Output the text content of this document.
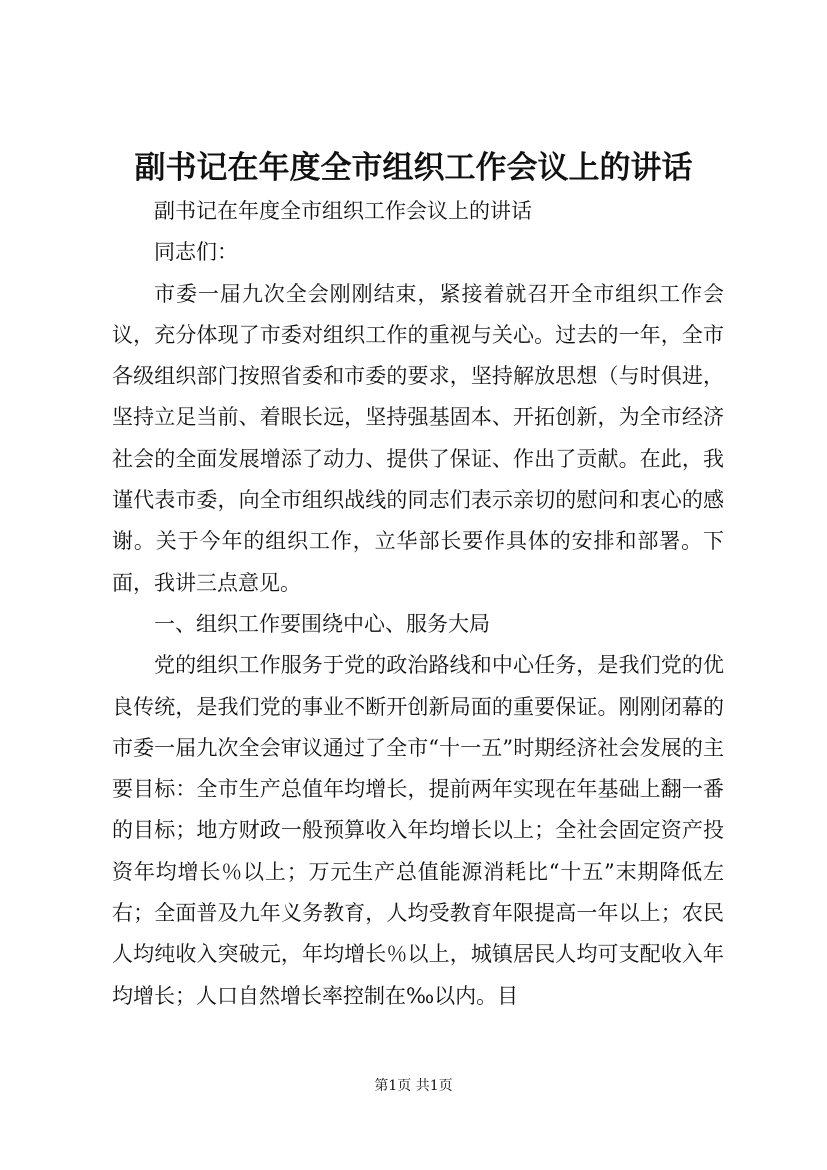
副书记在年度全市组织工作会议上的讲话

副书记在年度全市组织工作会议上的讲话

同志们：

市委一届九次全会刚刚结束，紧接着就召开全市组织工作会议，充分体现了市委对组织工作的重视与关心。过去的一年，全市各级组织部门按照省委和市委的要求，坚持解放思想（与时俱进，坚持立足当前、着眼长远，坚持强基固本、开拓创新，为全市经济社会的全面发展增添了动力、提供了保证、作出了贡献。在此，我谨代表市委，向全市组织战线的同志们表示亲切的慰问和衷心的感谢。关于今年的组织工作，立华部长要作具体的安排和部署。下面，我讲三点意见。

一、组织工作要围绕中心、服务大局

党的组织工作服务于党的政治路线和中心任务，是我们党的优良传统，是我们党的事业不断开创新局面的重要保证。刚刚闭幕的市委一届九次全会审议通过了全市“十一五”时期经济社会发展的主要目标：全市生产总值年均增长，提前两年实现在年基础上翻一番的目标；地方财政一般预算收入年均增长以上；全社会固定资产投资年均增长％以上；万元生产总值能源消耗比“十五”末期降低左右；全面普及九年义务教育，人均受教育年限提高一年以上；农民人均纯收入突破元，年均增长％以上，城镇居民人均可支配收入年均增长；人口自然增长率控制在‰以内。目

第1页 共1页
